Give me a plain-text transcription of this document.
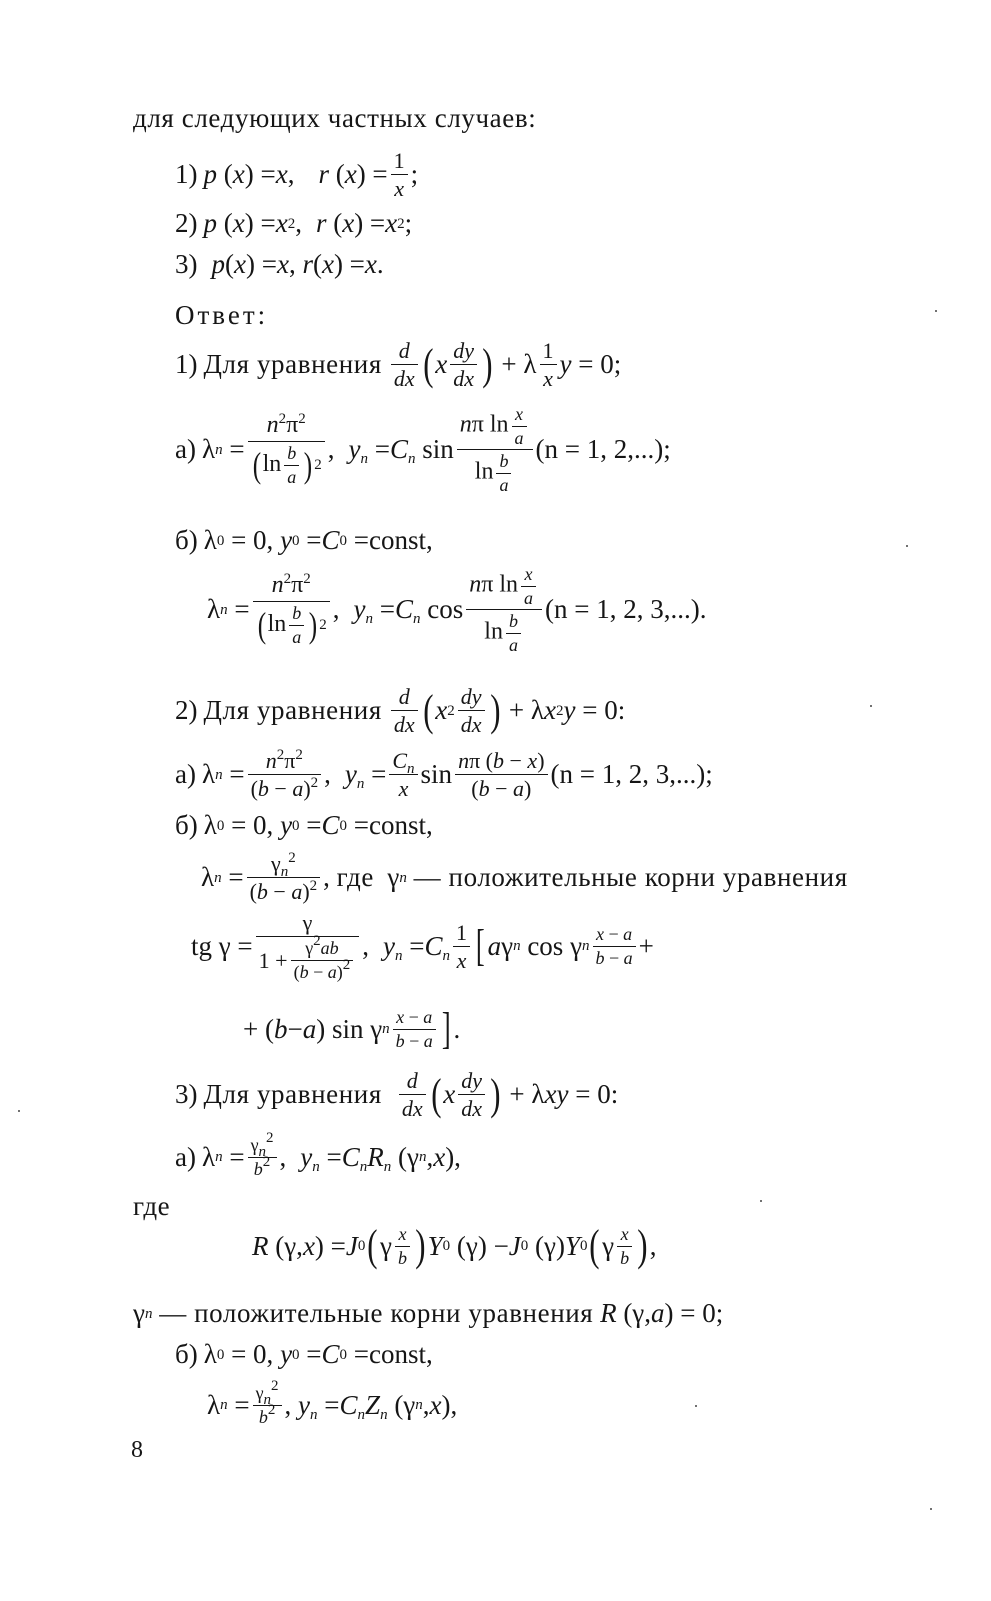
для следующих частных случаев:
1) p ( x ) = x , r ( x ) = $\frac{1}{x}$ ;
2) p ( x ) = x 2 , r ( x ) = x 2 ;
3) p ( x ) = x , r ( x ) = x .
Ответ:
1) Для уравнения $\frac{d}{dx}$ ( x $\frac{dy}{dx}$ ) + λ $\frac{1}{x}$ y = 0;
а) λ $n = \frac{n^2\pi^2}{( \ln \frac{b}{a} ) 2}$ , $y_n = C_n$ $\sin \frac{n\pi \ln \frac{x}{a}}{\ln \frac{b}{a}} (n = 1$, 2,...);
б) λ 0 = 0, y 0 = C 0 = const ,
λ $n = \frac{n^2\pi^2}{( \ln \frac{b}{a} ) 2}$ , $y_n = C_n$ $\cos \frac{n\pi \ln \frac{x}{a}}{\ln \frac{b}{a}} (n = 1$, 2, 3,...).
2) Для уравнения $\frac{d}{dx}$ ( x $2 \frac{dy}{dx}$ ) + λ x 2 y = 0:
а) λ $n = \frac{n^2\pi^2}{(b - a)^2}$ , $y_n = \frac{C_n}{x}$ $\sin \frac{n\pi (b - x)}{(b - a)} (n = 1$, 2, 3,...);
б) λ 0 = 0, y 0 = C 0 = const ,
λ $n = \frac{\gamma_n^2}{(b - a)^2}$ , где γ n
— положительные корни уравнения
tg $\gamma = \frac{\gamma}{1 + \frac{\gamma^2ab}{(b - a)^2}}$ , $y_n = C_n \frac{1}{x}$ [ a γ n cos γ n $\frac{x - a}{b - a}$ +
+ ( b − a ) sin γ n $\frac{x - a}{b - a}$ ] .
3) Для уравнения $\frac{d}{dx}$ ( x $\frac{dy}{dx}$ ) + λ xy = 0:
а) λ $n = \frac{\gamma_n^2}{b^2}$ , $y_n = C_nR_n$ (γ n , x ),
где
R (γ, x ) = J 0 ( γ $\frac{x}{b}$ ) Y 0 (γ) − J 0 (γ) Y 0 ( γ $\frac{x}{b}$ ) ,
γ n
— положительные корни уравнения
R (γ, a ) = 0;
б) λ 0 = 0, y 0 = C 0 = const ,
λ $n = \frac{\gamma_n^2}{b^2}$ , $y_n = C_nZ_n$ (γ n , x ),
8
